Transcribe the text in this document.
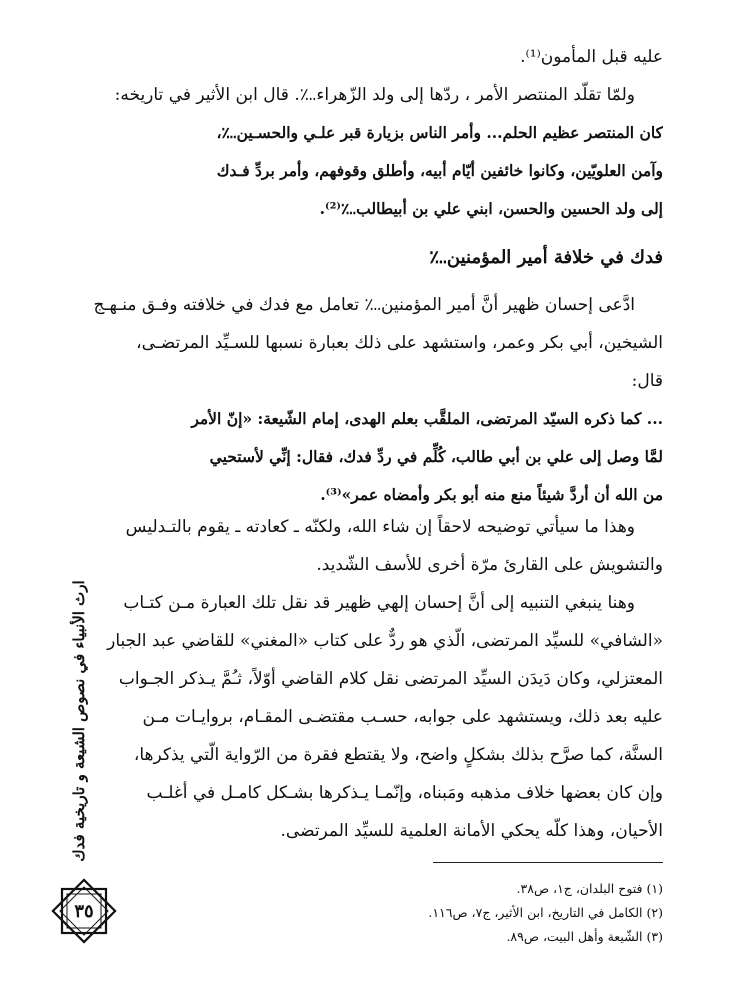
عليه قبل المأمون⁽¹⁾.
ولمّا تقلّد المنتصر الأمر ، ردّها إلى ولد الزّهراء؊. قال ابن الأثير في تاريخه:
كان المنتصر عظيم الحلم... وأمر الناس بزيارة قبر علـي والحسـين؊،
وآمن العلويّين، وكانوا خائفين أيّام أبيه، وأطلق وقوفهم، وأمر بردِّ فـدك
إلى ولد الحسين والحسن، ابني علي بن أبيطالب؊⁽²⁾.
فدك في خلافة أمير المؤمنين؊
ادَّعى إحسان ظهير أنَّ أمير المؤمنين؊ تعامل مع فدك في خلافته وفـق منـهـج
الشيخين، أبي بكر وعمر، واستشهد على ذلك بعبارة نسبها للسـيِّد المرتضـى،
قال:
... كما ذكره السيّد المرتضى، الملقَّب بعلم الهدى، إمام الشّيعة: «إنّ الأمر
لمَّا وصل إلى علي بن أبي طالب، كُلِّم في ردِّ فدك، فقال: إنِّي لأستحيي
من الله أن أردَّ شيئاً منع منه أبو بكر وأمضاه عمر»⁽³⁾.
وهذا ما سيأتي توضيحه لاحقاً إن شاء الله، ولكنّه ـ كعادته ـ يقوم بالتـدليس
والتشويش على القارئ مرّة أخرى للأسف الشّديد.
وهنا ينبغي التنبيه إلى أنَّ إحسان إلهي ظهير قد نقل تلك العبارة مـن كتـاب
«الشافي» للسيِّد المرتضى، الّذي هو ردٌّ على كتاب «المغني» للقاضي عبد الجبار
المعتزلي، وكان دَيدَن السيِّد المرتضى نقل كلام القاضي أوّلاً، ثـُمَّ يـذكر الجـواب
عليه بعد ذلك، ويستشهد على جوابه، حسـب مقتضـى المقـام، بروايـات مـن
السنَّة، كما صرَّح بذلك بشكلٍ واضح، ولا يقتطع فقرة من الرّواية الّتي يذكرها،
وإن كان بعضها خلاف مذهبه ومَبناه، وإنّمـا يـذكرها بشـكل كامـل في أغلـب
الأحيان، وهذا كلّه يحكي الأمانة العلمية للسيِّد المرتضى.
(١) فتوح البلدان، ج١، ص٣٨.
(٢) الكامل في التاريخ، ابن الأثير، ج٧، ص١١٦.
(٣) الشّيعة وأهل البيت، ص٨٩.
ارث الأنبياء في نصوص الشيعة و تاريخية فدك
٣٥
